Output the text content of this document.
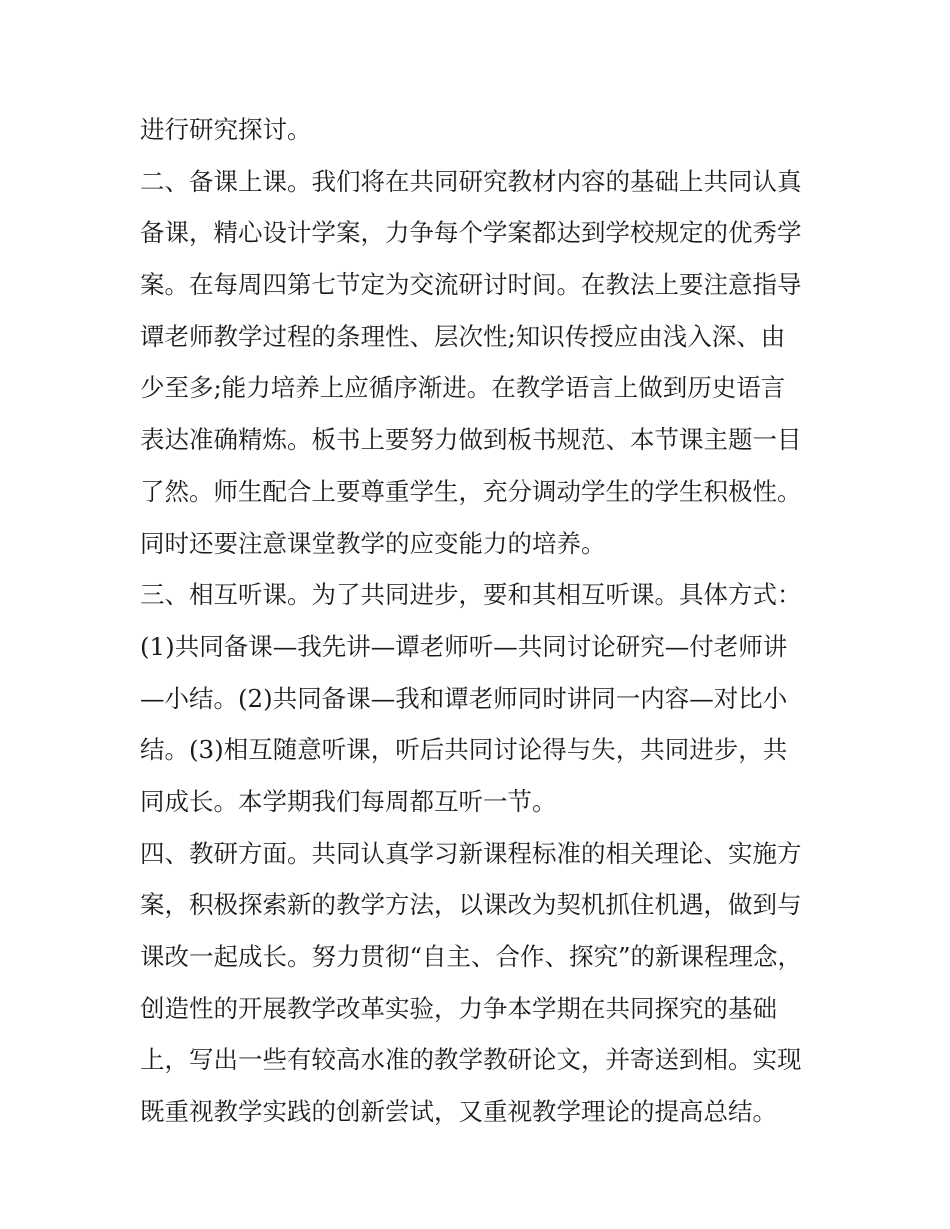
进行研究探讨。
二、备课上课。我们将在共同研究教材内容的基础上共同认真
备课，精心设计学案，力争每个学案都达到学校规定的优秀学
案。在每周四第七节定为交流研讨时间。在教法上要注意指导
谭老师教学过程的条理性、层次性;知识传授应由浅入深、由
少至多;能力培养上应循序渐进。在教学语言上做到历史语言
表达准确精炼。板书上要努力做到板书规范、本节课主题一目
了然。师生配合上要尊重学生，充分调动学生的学生积极性。
同时还要注意课堂教学的应变能力的培养。
三、相互听课。为了共同进步，要和其相互听课。具体方式：
(1)共同备课—我先讲—谭老师听—共同讨论研究—付老师讲
—小结。(2)共同备课—我和谭老师同时讲同一内容—对比小
结。(3)相互随意听课，听后共同讨论得与失，共同进步，共
同成长。本学期我们每周都互听一节。
四、教研方面。共同认真学习新课程标准的相关理论、实施方
案，积极探索新的教学方法，以课改为契机抓住机遇，做到与
课改一起成长。努力贯彻“自主、合作、探究”的新课程理念，
创造性的开展教学改革实验，力争本学期在共同探究的基础
上，写出一些有较高水准的教学教研论文，并寄送到相。实现
既重视教学实践的创新尝试，又重视教学理论的提高总结。
